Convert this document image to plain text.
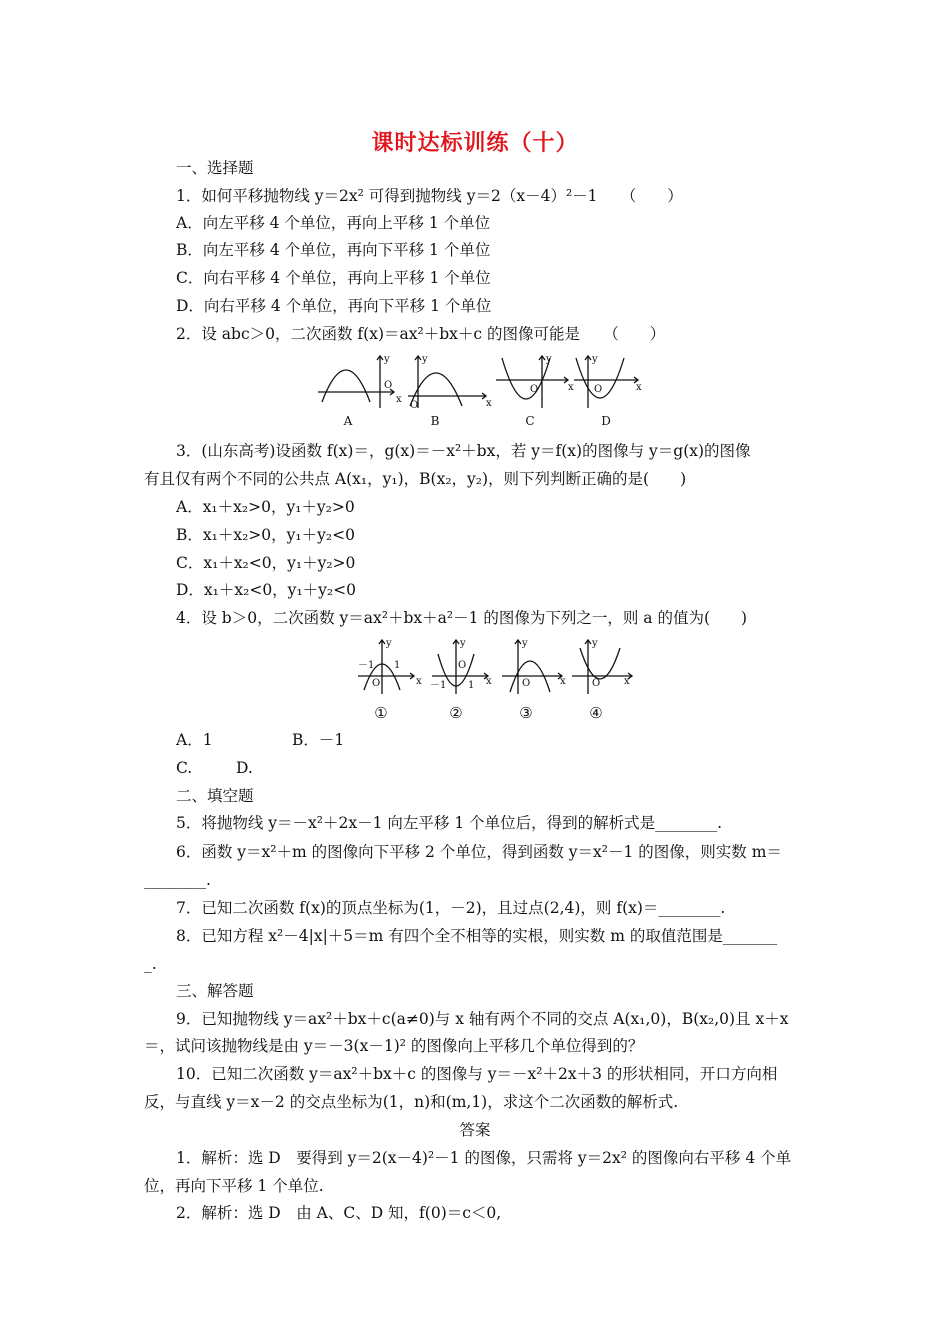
课时达标训练（十）
一、选择题
1．如何平移抛物线 y＝2x² 可得到抛物线 y＝2（x－4）²－1　　（　　）
A．向左平移 4 个单位，再向上平移 1 个单位
B．向左平移 4 个单位，再向下平移 1 个单位
C．向右平移 4 个单位，再向上平移 1 个单位
D．向右平移 4 个单位，再向下平移 1 个单位
2．设 abc＞0，二次函数 f(x)＝ax²＋bx＋c 的图像可能是　　（　　）
y
O
x
y
O	x
y
O	x
y
O	x
A	B	C	D
3．(山东高考)设函数 f(x)＝，g(x)＝－x²＋bx，若 y＝f(x)的图像与 y＝g(x)的图像
有且仅有两个不同的公共点 A(x₁，y₁)，B(x₂，y₂)，则下列判断正确的是(　　)
A．x₁＋x₂>0，y₁＋y₂>0
B．x₁＋x₂>0，y₁＋y₂<0
C．x₁＋x₂<0，y₁＋y₂>0
D．x₁＋x₂<0，y₁＋y₂<0
4．设 b＞0，二次函数 y＝ax²＋bx＋a²－1 的图像为下列之一，则 a 的值为(　　)
y
－1 1
O	x
y
O
－1 1 x
y
O	x
y
O x
①	②	③	④
A．1	B．－1
C.	D.
二、填空题
5．将抛物线 y＝－x²＋2x－1 向左平移 1 个单位后，得到的解析式是________.
6．函数 y＝x²＋m 的图像向下平移 2 个单位，得到函数 y＝x²－1 的图像，则实数 m＝
________.
7．已知二次函数 f(x)的顶点坐标为(1，－2)，且过点(2,4)，则 f(x)＝________.
8．已知方程 x²－4|x|＋5＝m 有四个全不相等的实根，则实数 m 的取值范围是_______
_.
三、解答题
9．已知抛物线 y＝ax²＋bx＋c(a≠0)与 x 轴有两个不同的交点 A(x₁,0)，B(x₂,0)且 x＋x
＝，试问该抛物线是由 y＝－3(x－1)² 的图像向上平移几个单位得到的？
10．已知二次函数 y＝ax²＋bx＋c 的图像与 y＝－x²＋2x＋3 的形状相同，开口方向相
反，与直线 y＝x－2 的交点坐标为(1，n)和(m,1)，求这个二次函数的解析式.
答案
1．解析：选 D　要得到 y＝2(x－4)²－1 的图像，只需将 y＝2x² 的图像向右平移 4 个单
位，再向下平移 1 个单位.
2．解析：选 D　由 A、C、D 知，f(0)＝c＜0,
